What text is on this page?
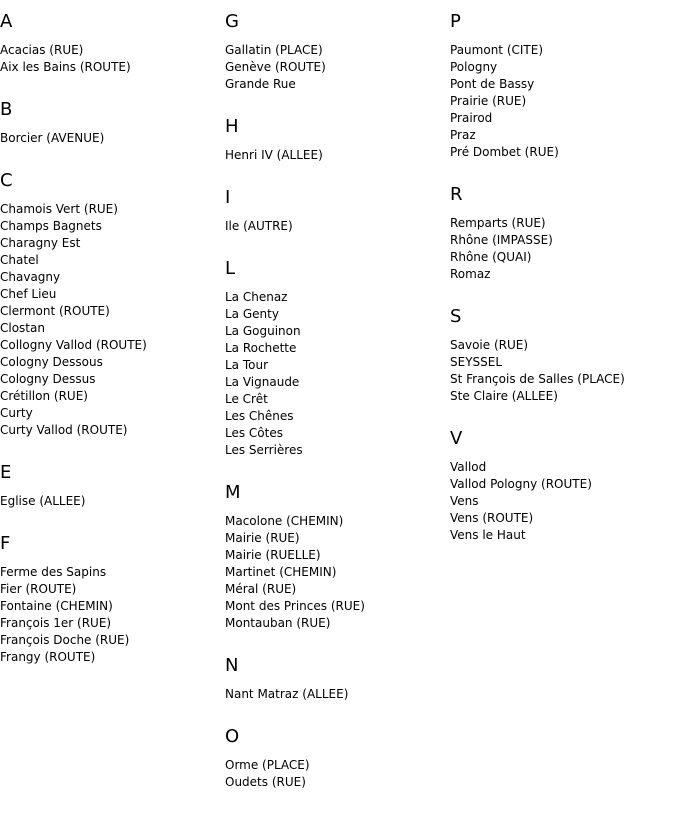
A
Acacias (RUE)
Aix les Bains (ROUTE)
B
Borcier (AVENUE)
C
Chamois Vert (RUE)
Champs Bagnets
Charagny Est
Chatel
Chavagny
Chef Lieu
Clermont (ROUTE)
Clostan
Collogny Vallod (ROUTE)
Cologny Dessous
Cologny Dessus
Crétillon (RUE)
Curty
Curty Vallod (ROUTE)
E
Eglise (ALLEE)
F
Ferme des Sapins
Fier (ROUTE)
Fontaine (CHEMIN)
François 1er (RUE)
François Doche (RUE)
Frangy (ROUTE)
G
Gallatin (PLACE)
Genève (ROUTE)
Grande Rue
H
Henri IV (ALLEE)
I
Ile (AUTRE)
L
La Chenaz
La Genty
La Goguinon
La Rochette
La Tour
La Vignaude
Le Crêt
Les Chênes
Les Côtes
Les Serrières
M
Macolone (CHEMIN)
Mairie (RUE)
Mairie (RUELLE)
Martinet (CHEMIN)
Méral (RUE)
Mont des Princes (RUE)
Montauban (RUE)
N
Nant Matraz (ALLEE)
O
Orme (PLACE)
Oudets (RUE)
P
Paumont (CITE)
Pologny
Pont de Bassy
Prairie (RUE)
Prairod
Praz
Pré Dombet (RUE)
R
Remparts (RUE)
Rhône (IMPASSE)
Rhône (QUAI)
Romaz
S
Savoie (RUE)
SEYSSEL
St François de Salles (PLACE)
Ste Claire (ALLEE)
V
Vallod
Vallod Pologny (ROUTE)
Vens
Vens (ROUTE)
Vens le Haut
